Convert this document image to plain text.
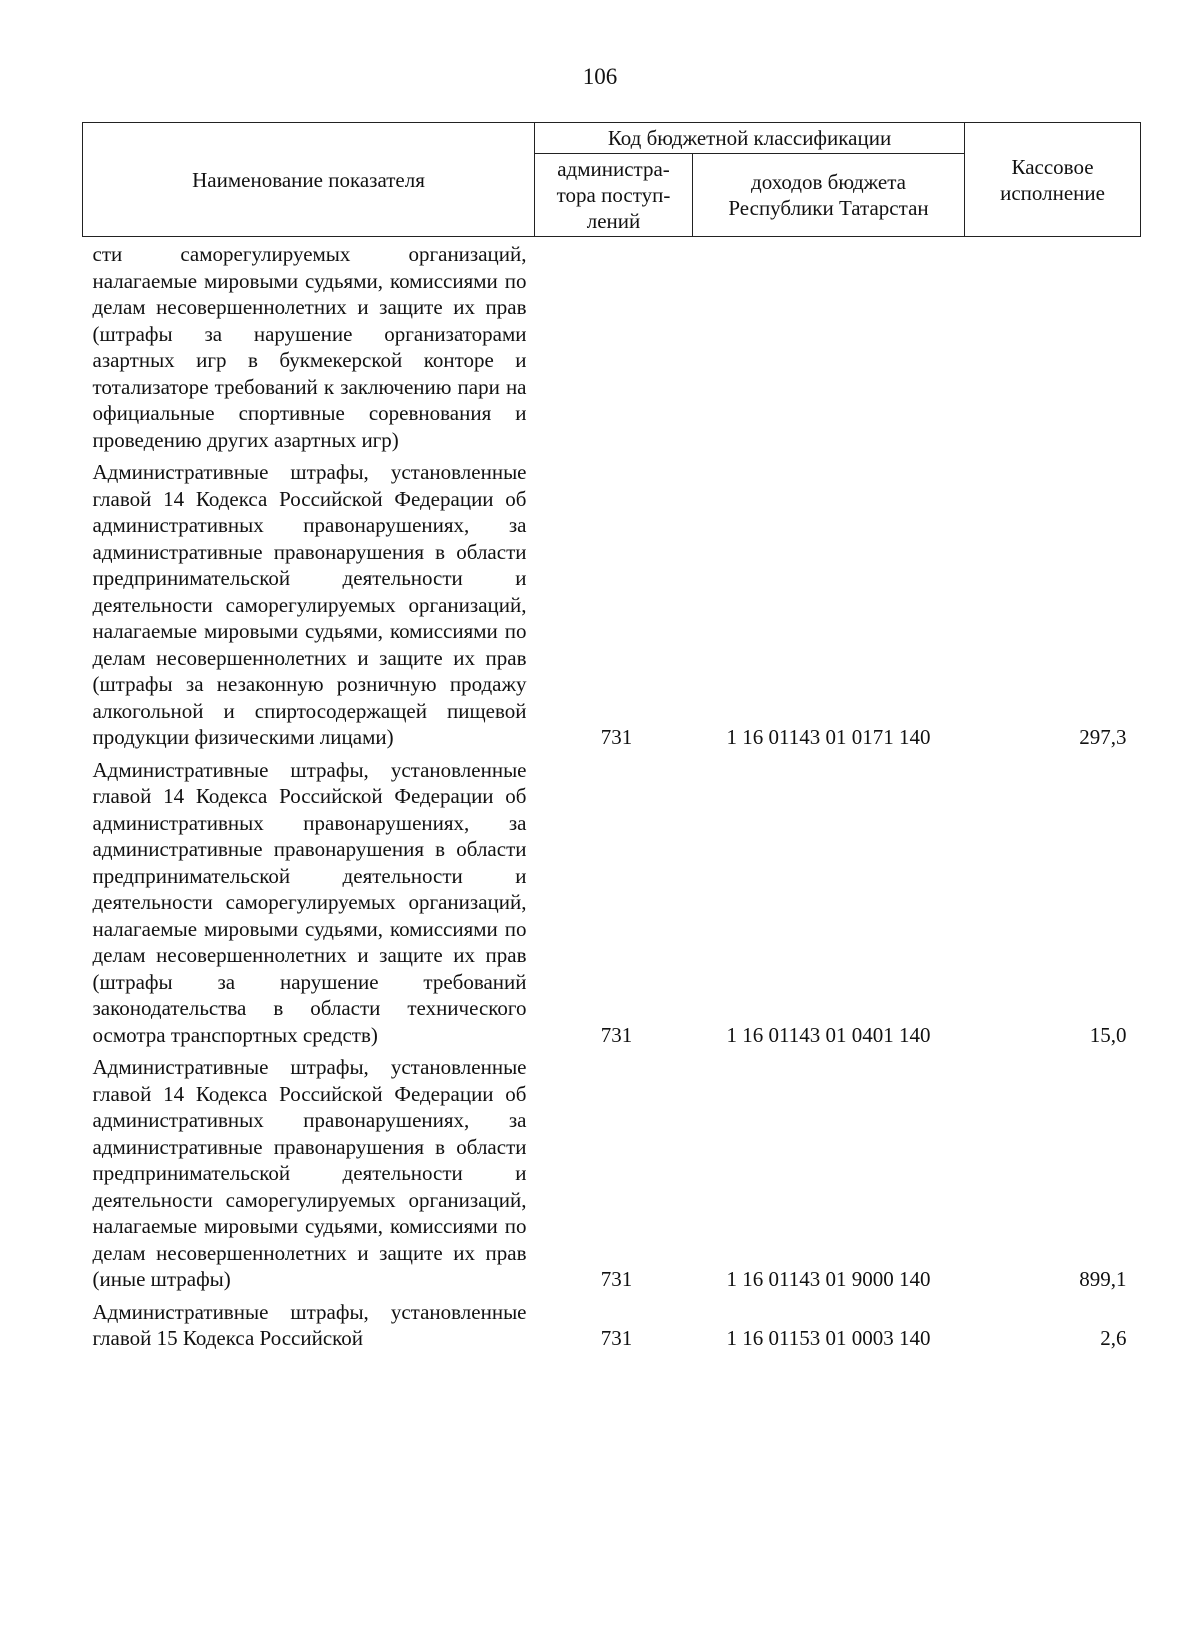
106
Наименование показателя	Код бюджетной классификации		Кассовое исполнение
	администра-тора поступ-лений	доходов бюджета Республики Татарстан	
сти саморегулируемых организаций, налагаемые мировыми судьями, комиссиями по делам несовершеннолетних и защите их прав (штрафы за нарушение организаторами азартных игр в букмекерской конторе и тотализаторе требований к заключению пари на официальные спортивные соревнования и проведению других азартных игр)			
Административные штрафы, установленные главой 14 Кодекса Российской Федерации об административных правонарушениях, за административные правонарушения в области предпринимательской деятельности и деятельности саморегулируемых организаций, налагаемые мировыми судьями, комиссиями по делам несовершеннолетних и защите их прав (штрафы за незаконную розничную продажу алкогольной и спиртосодержащей пищевой продукции физическими лицами)	731	1 16 01143 01 0171 140	297,3
Административные штрафы, установленные главой 14 Кодекса Российской Федерации об административных правонарушениях, за административные правонарушения в области предпринимательской деятельности и деятельности саморегулируемых организаций, налагаемые мировыми судьями, комиссиями по делам несовершеннолетних и защите их прав (штрафы за нарушение требований законодательства в области технического осмотра транспортных средств)	731	1 16 01143 01 0401 140	15,0
Административные штрафы, установленные главой 14 Кодекса Российской Федерации об административных правонарушениях, за административные правонарушения в области предпринимательской деятельности и деятельности саморегулируемых организаций, налагаемые мировыми судьями, комиссиями по делам несовершеннолетних и защите их прав (иные штрафы)	731	1 16 01143 01 9000 140	899,1
Административные штрафы, установленные главой 15 Кодекса Российской	731	1 16 01153 01 0003 140	2,6
